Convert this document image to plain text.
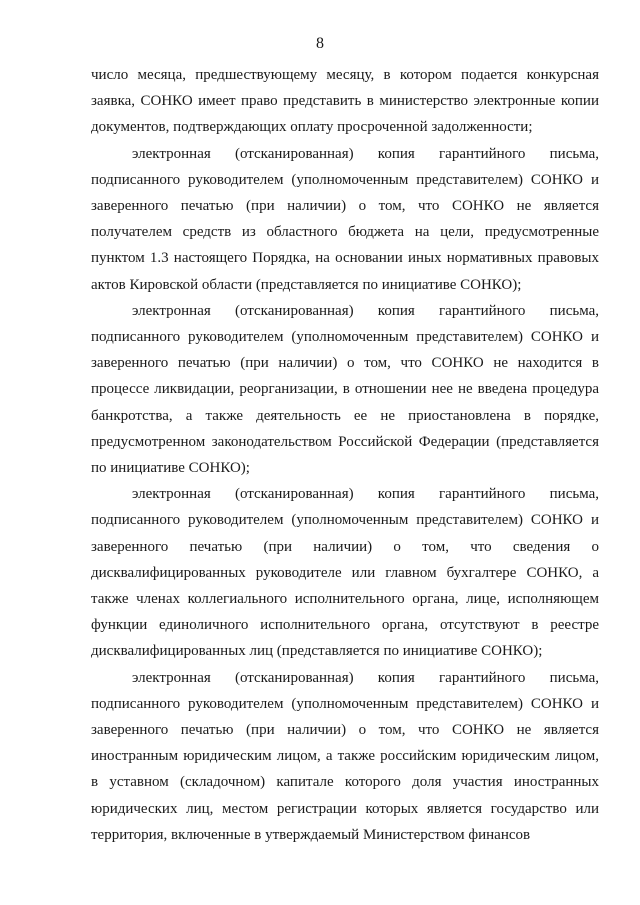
8

число месяца, предшествующему месяцу, в котором подается конкурсная заявка, СОНКО имеет право представить в министерство электронные копии документов, подтверждающих оплату просроченной задолженности;

электронная (отсканированная) копия гарантийного письма, подписанного руководителем (уполномоченным представителем) СОНКО и заверенного печатью (при наличии) о том, что СОНКО не является получателем средств из областного бюджета на цели, предусмотренные пунктом 1.3 настоящего Порядка, на основании иных нормативных правовых актов Кировской области (представляется по инициативе СОНКО);

электронная (отсканированная) копия гарантийного письма, подписанного руководителем (уполномоченным представителем) СОНКО и заверенного печатью (при наличии) о том, что СОНКО не находится в процессе ликвидации, реорганизации, в отношении нее не введена процедура банкротства, а также деятельность ее не приостановлена в порядке, предусмотренном законодательством Российской Федерации (представляется по инициативе СОНКО);

электронная (отсканированная) копия гарантийного письма, подписанного руководителем (уполномоченным представителем) СОНКО и заверенного печатью (при наличии) о том, что сведения о дисквалифицированных руководителе или главном бухгалтере СОНКО, а также членах коллегиального исполнительного органа, лице, исполняющем функции единоличного исполнительного органа, отсутствуют в реестре дисквалифицированных лиц (представляется по инициативе СОНКО);

электронная (отсканированная) копия гарантийного письма, подписанного руководителем (уполномоченным представителем) СОНКО и заверенного печатью (при наличии) о том, что СОНКО не является иностранным юридическим лицом, а также российским юридическим лицом, в уставном (складочном) капитале которого доля участия иностранных юридических лиц, местом регистрации которых является государство или территория, включенные в утверждаемый Министерством финансов
